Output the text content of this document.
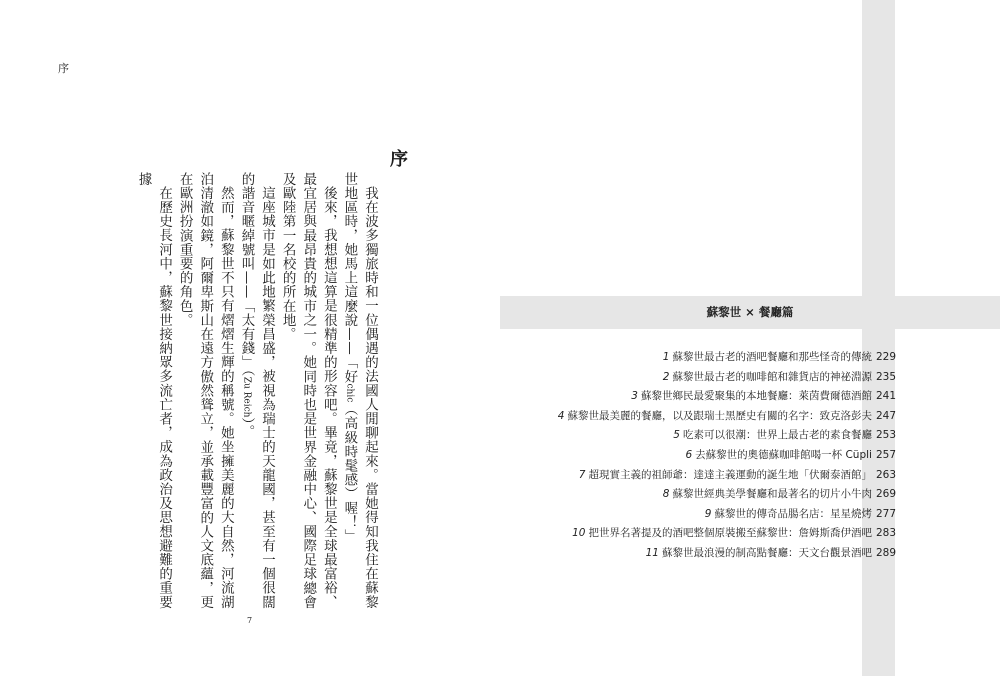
序
序

我在波多獨旅時和一位偶遇的法國人閒聊起來。當她得知我住在蘇黎世地區時，她馬上這麼說——「好chic（高級時髦感）喔！」

後來，我想想這算是很精準的形容吧。畢竟，蘇黎世是全球最富裕、最宜居與最昂貴的城市之一。她同時也是世界金融中心、國際足球總會及歐陸第一名校的所在地。

這座城市是如此地繁榮昌盛，被視為瑞士的天龍國，甚至有一個很闊的諧音暱綽號叫——「太有錢」（Zu Reich）。

然而，蘇黎世不只有熠熠生輝的稱號。她坐擁美麗的大自然，河流湖泊清澈如鏡，阿爾卑斯山在遠方傲然聳立，並承載豐富的人文底蘊，更在歐洲扮演重要的角色。

在歷史長河中，蘇黎世接納眾多流亡者，成為政治及思想避難的重要據

7
蘇黎世 × 餐廳篇
1 蘇黎世最古老的酒吧餐廳和那些怪奇的傳統 229
2 蘇黎世最古老的咖啡館和雜貨店的神祕淵源 235
3 蘇黎世鄉民最愛聚集的本地餐廳：萊茵費爾德酒館 241
4 蘇黎世最美麗的餐廳，以及跟瑞士黑歷史有關的名字：致克洛彭夫 247
5 吃素可以很潮：世界上最古老的素食餐廳 253
6 去蘇黎世的奧德蘇咖啡館喝一杯 Cüpli 257
7 超現實主義的祖師爺：達達主義運動的誕生地「伏爾泰酒館」 263
8 蘇黎世經典美學餐廳和最著名的切片小牛肉 269
9 蘇黎世的傳奇品腸名店：星星燒烤 277
10 把世界名著提及的酒吧整個原裝搬至蘇黎世：詹姆斯喬伊酒吧 283
11 蘇黎世最浪漫的制高點餐廳：天文台觀景酒吧 289
